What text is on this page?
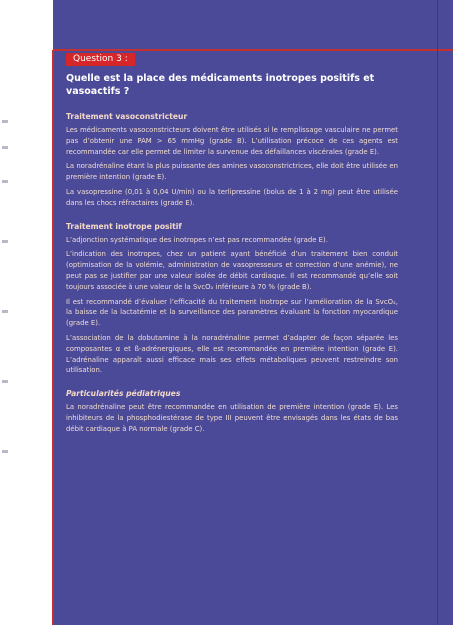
Question 3 :
Quelle est la place des médicaments inotropes positifs et vasoactifs ?
Traitement vasoconstricteur

Les médicaments vasoconstricteurs doivent être utilisés si le remplissage vasculaire ne permet pas d’obtenir une PAM > 65 mmHg (grade B). L’utilisation précoce de ces agents est recommandée car elle permet de limiter la survenue des défaillances viscérales (grade E).

La noradrénaline étant la plus puissante des amines vasoconstrictrices, elle doit être utilisée en première intention (grade E).

La vasopressine (0,01 à 0,04 U/min) ou la terlipressine (bolus de 1 à 2 mg) peut être utilisée dans les chocs réfractaires (grade E).

Traitement inotrope positif

L’adjonction systématique des inotropes n’est pas recommandée (grade E).

L’indication des inotropes, chez un patient ayant bénéficié d’un traitement bien conduit (optimisation de la volémie, administration de vasopresseurs et correction d’une anémie), ne peut pas se justifier par une valeur isolée de débit cardiaque. Il est recommandé qu’elle soit toujours associée à une valeur de la SvcO₂ inférieure à 70 % (grade B).

Il est recommandé d’évaluer l’efficacité du traitement inotrope sur l’amélioration de la SvcO₂, la baisse de la lactatémie et la surveillance des paramètres évaluant la fonction myocardique (grade E).

L’association de la dobutamine à la noradrénaline permet d’adapter de façon séparée les composantes α et ß-adrénergiques, elle est recommandée en première intention (grade E). L’adrénaline apparaît aussi efficace mais ses effets métaboliques peuvent restreindre son utilisation.

Particularités pédiatriques

La noradrénaline peut être recommandée en utilisation de première intention (grade E). Les inhibiteurs de la phosphodiestérase de type III peuvent être envisagés dans les états de bas débit cardiaque à PA normale (grade C).
